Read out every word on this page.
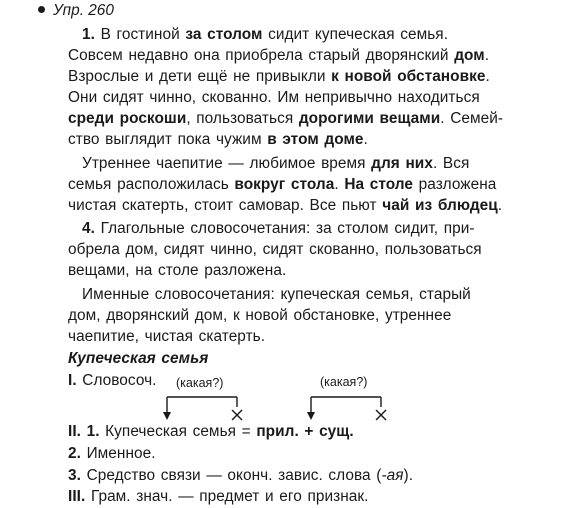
Упр. 260
1. В гостиной за столом сидит купеческая семья.
Совсем недавно она приобрела старый дворянский дом.
Взрослые и дети ещё не привыкли к новой обстановке.
Они сидят чинно, скованно. Им непривычно находиться
среди роскоши, пользоваться дорогими вещами. Семей-
ство выглядит пока чужим в этом доме.
Утреннее чаепитие — любимое время для них. Вся
семья расположилась вокруг стола. На столе разложена
чистая скатерть, стоит самовар. Все пьют чай из блюдец.
4. Глагольные словосочетания: за столом сидит, при-
обрела дом, сидят чинно, сидят скованно, пользоваться
вещами, на столе разложена.
Именные словосочетания: купеческая семья, старый
дом, дворянский дом, к новой обстановке, утреннее
чаепитие, чистая скатерть.
Купеческая семья
I. Словосоч.
II. 1. Купеческая семья = прил. + сущ.
2. Именное.
3. Средство связи — оконч. завис. слова (-ая).
III. Грам. знач. — предмет и его признак.
(какая?)	(какая?)
